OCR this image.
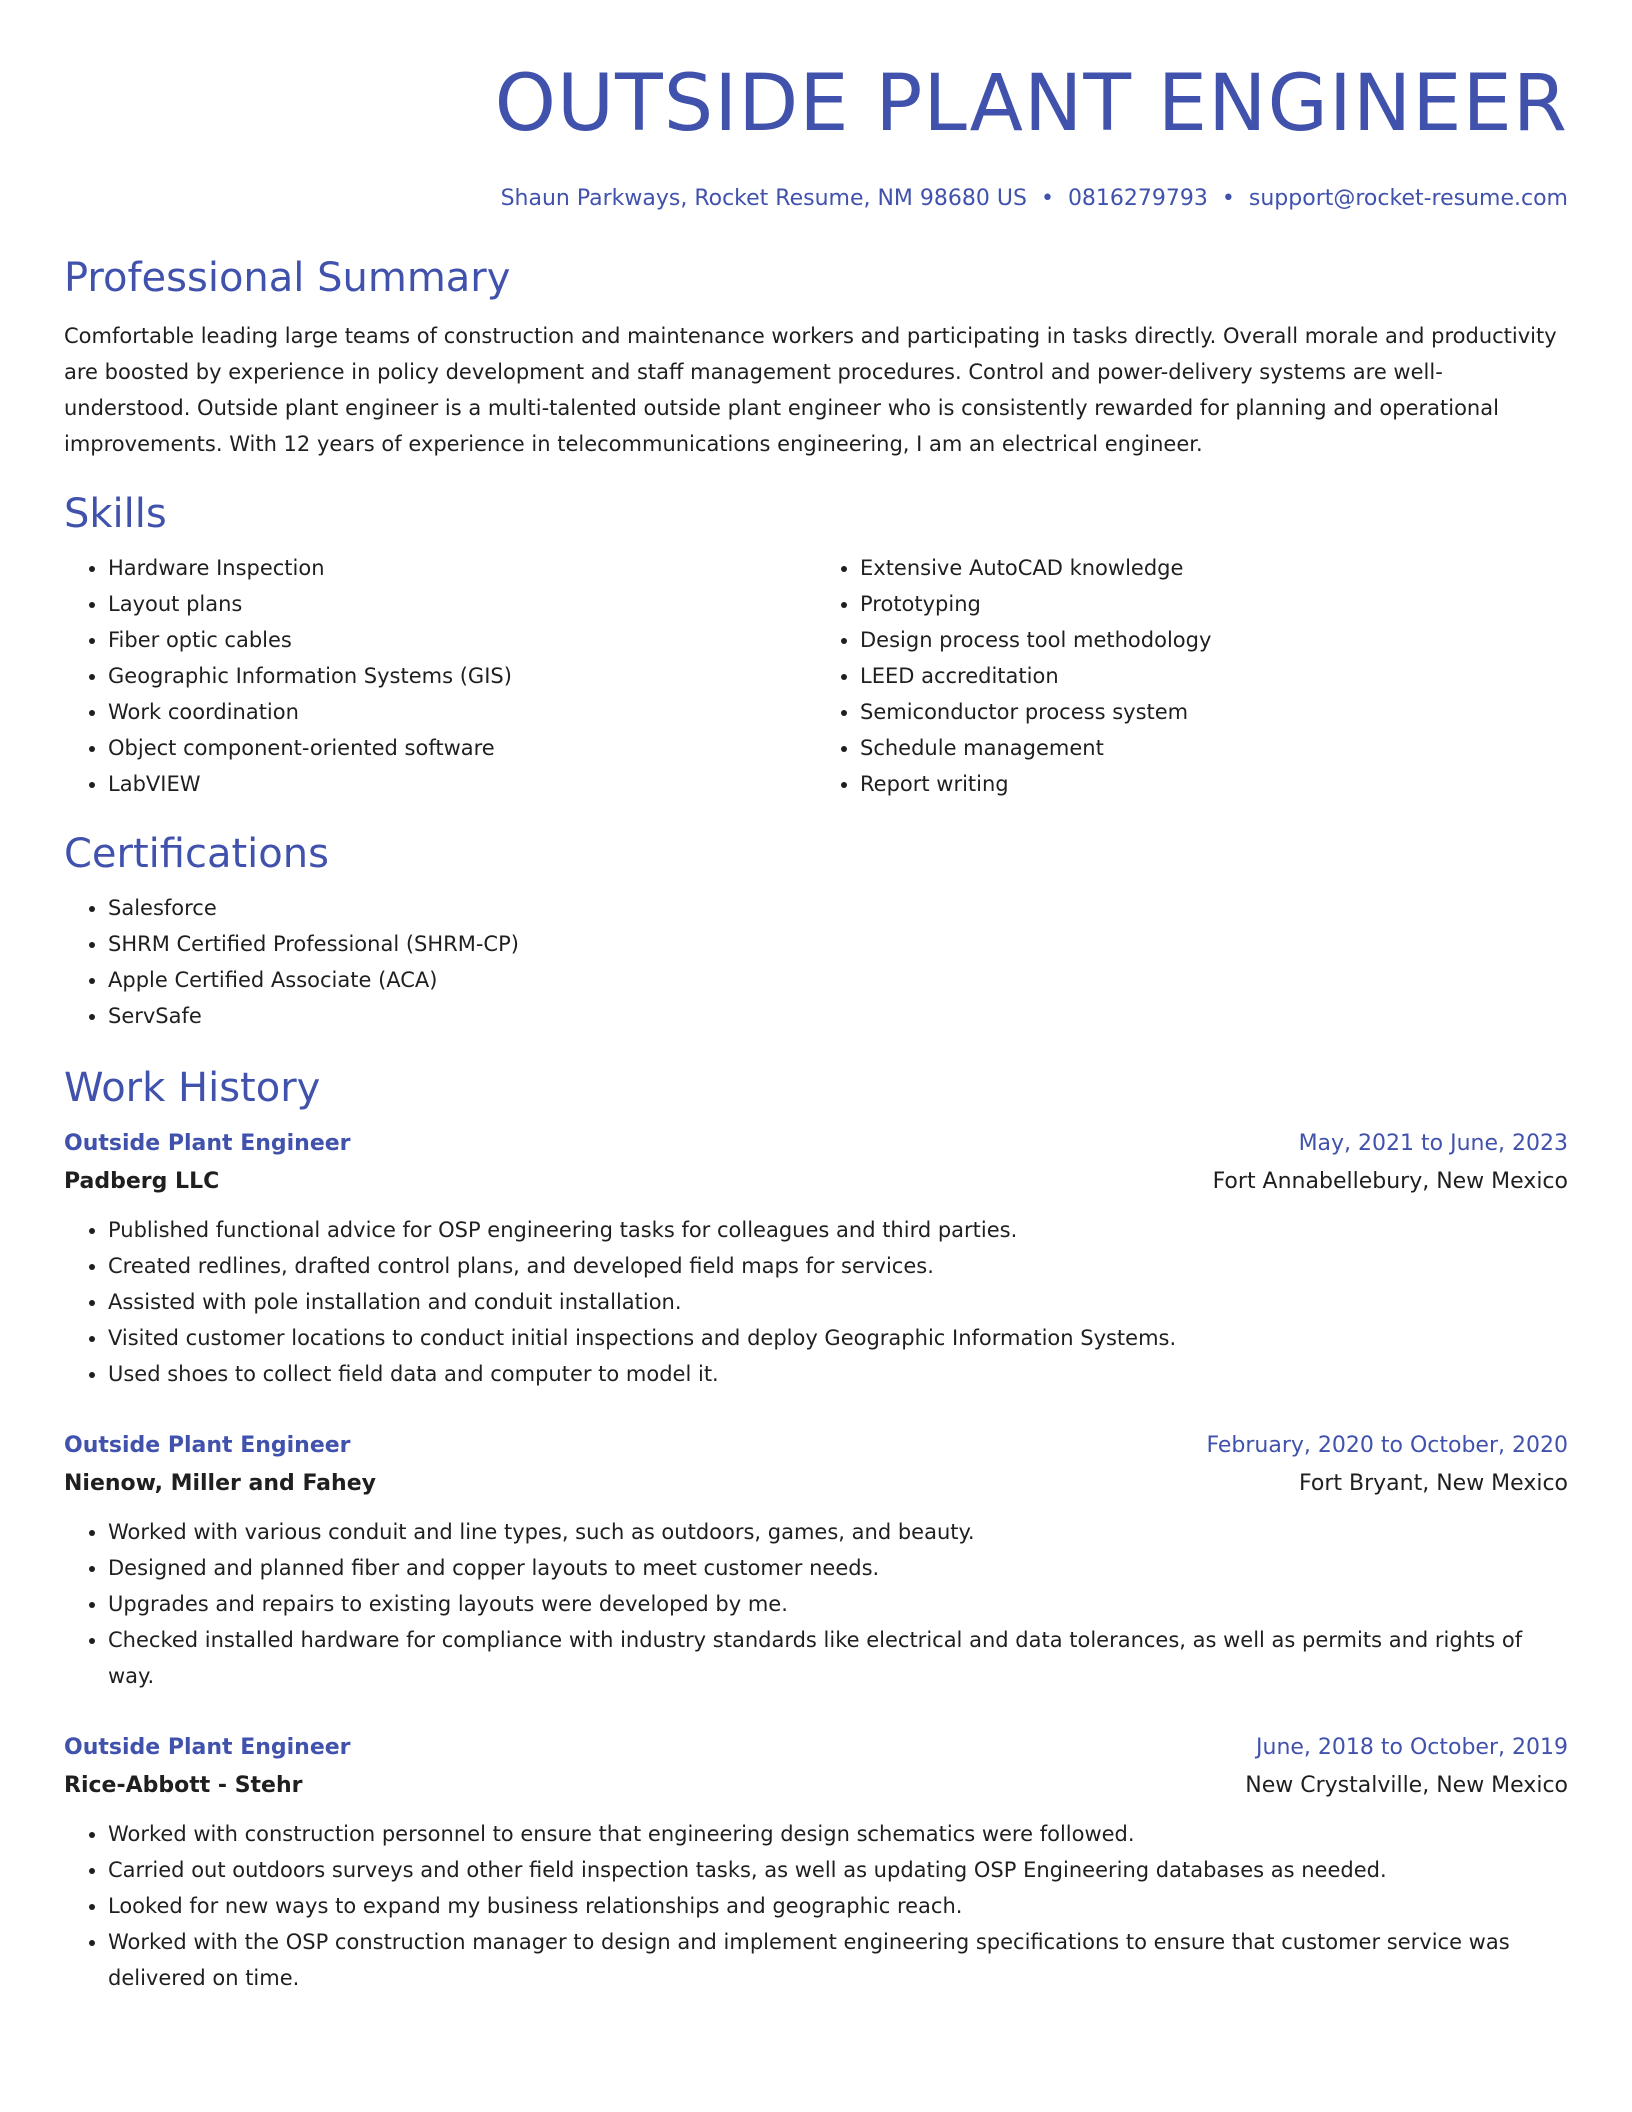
OUTSIDE PLANT ENGINEER
Shaun Parkways, Rocket Resume, NM 98680 US • 0816279793 • support@rocket-resume.com
Professional Summary
Comfortable leading large teams of construction and maintenance workers and participating in tasks directly. Overall morale and productivity are boosted by experience in policy development and staff management procedures. Control and power-delivery systems are well-understood. Outside plant engineer is a multi-talented outside plant engineer who is consistently rewarded for planning and operational improvements. With 12 years of experience in telecommunications engineering, I am an electrical engineer.
Skills
• Hardware Inspection
• Layout plans
• Fiber optic cables
• Geographic Information Systems (GIS)
• Work coordination
• Object component-oriented software
• LabVIEW
• Extensive AutoCAD knowledge
• Prototyping
• Design process tool methodology
• LEED accreditation
• Semiconductor process system
• Schedule management
• Report writing
Certifications
• Salesforce
• SHRM Certified Professional (SHRM-CP)
• Apple Certified Associate (ACA)
• ServSafe
Work History
Outside Plant Engineer	May, 2021 to June, 2023
Padberg LLC	Fort Annabellebury, New Mexico
• Published functional advice for OSP engineering tasks for colleagues and third parties.
• Created redlines, drafted control plans, and developed field maps for services.
• Assisted with pole installation and conduit installation.
• Visited customer locations to conduct initial inspections and deploy Geographic Information Systems.
• Used shoes to collect field data and computer to model it.
Outside Plant Engineer	February, 2020 to October, 2020
Nienow, Miller and Fahey	Fort Bryant, New Mexico
• Worked with various conduit and line types, such as outdoors, games, and beauty.
• Designed and planned fiber and copper layouts to meet customer needs.
• Upgrades and repairs to existing layouts were developed by me.
• Checked installed hardware for compliance with industry standards like electrical and data tolerances, as well as permits and rights of way.
Outside Plant Engineer	June, 2018 to October, 2019
Rice-Abbott - Stehr	New Crystalville, New Mexico
• Worked with construction personnel to ensure that engineering design schematics were followed.
• Carried out outdoors surveys and other field inspection tasks, as well as updating OSP Engineering databases as needed.
• Looked for new ways to expand my business relationships and geographic reach.
• Worked with the OSP construction manager to design and implement engineering specifications to ensure that customer service was delivered on time.
